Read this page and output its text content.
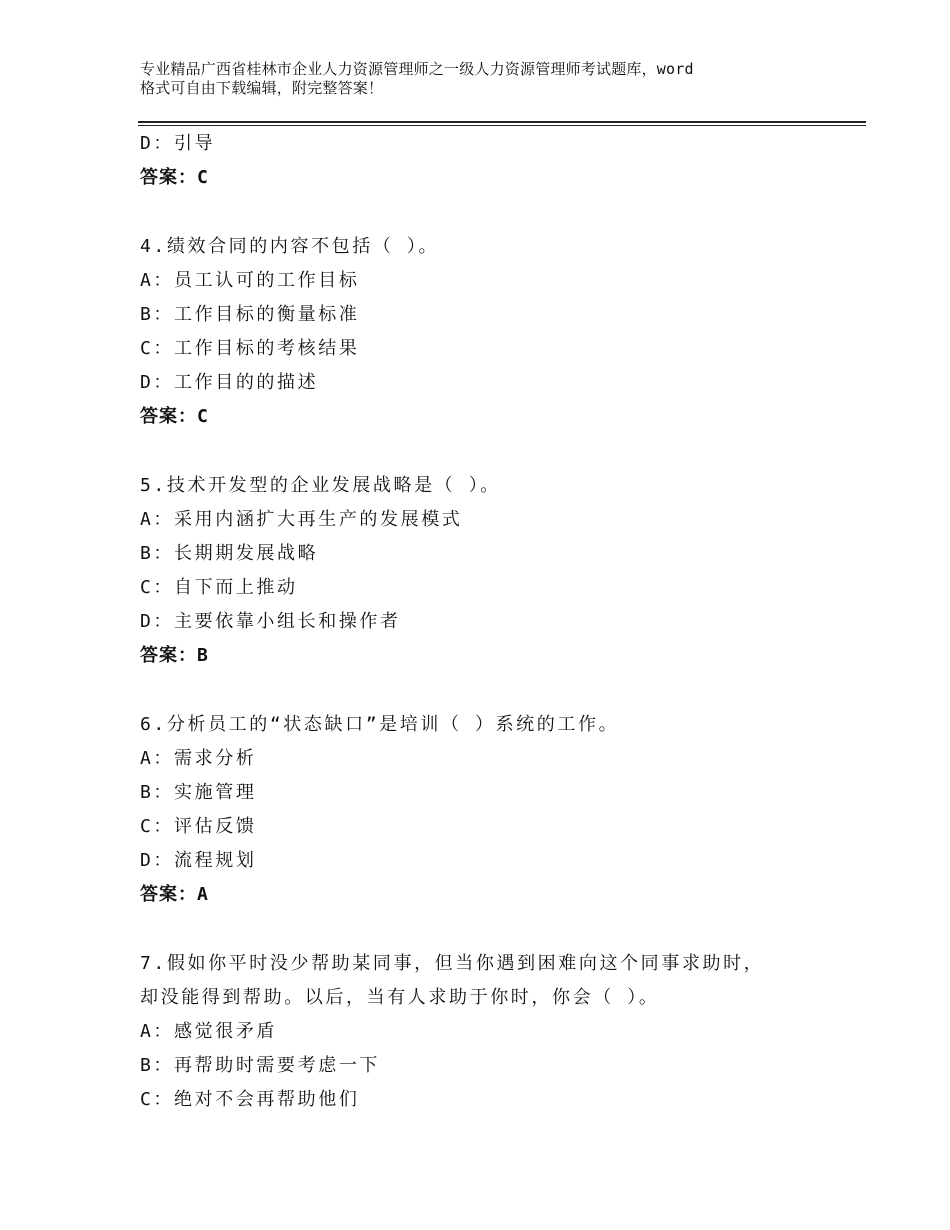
专业精品广西省桂林市企业人力资源管理师之一级人力资源管理师考试题库，word
格式可自由下载编辑，附完整答案！
D：引导
答案：C
4.绩效合同的内容不包括（ ）。
A：员工认可的工作目标
B：工作目标的衡量标准
C：工作目标的考核结果
D：工作目的的描述
答案：C
5.技术开发型的企业发展战略是（ ）。
A：采用内涵扩大再生产的发展模式
B：长期期发展战略
C：自下而上推动
D：主要依靠小组长和操作者
答案：B
6.分析员工的“状态缺口”是培训（ ）系统的工作。
A：需求分析
B：实施管理
C：评估反馈
D：流程规划
答案：A
7.假如你平时没少帮助某同事，但当你遇到困难向这个同事求助时，
却没能得到帮助。以后，当有人求助于你时，你会（ ）。
A：感觉很矛盾
B：再帮助时需要考虑一下
C：绝对不会再帮助他们
